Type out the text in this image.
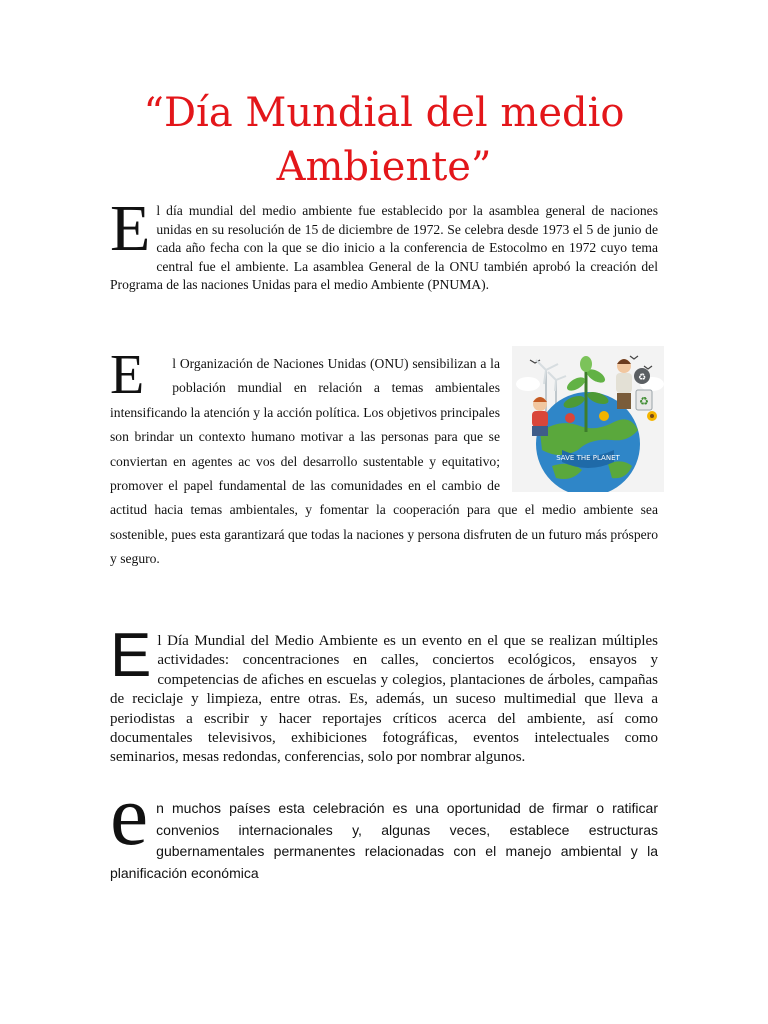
“Día Mundial del medio Ambiente”

El día mundial del medio ambiente fue establecido por la asamblea general de naciones unidas en su resolución de 15 de diciembre de 1972. Se celebra desde 1973 el 5 de junio de cada año fecha con la que se dio inicio a la conferencia de Estocolmo en 1972 cuyo tema central fue el ambiente. La asamblea General de la ONU también aprobó la creación del Programa de las naciones Unidas para el medio Ambiente (PNUMA).

SAVE THE PLANET
♻
♻
E l Organización de Naciones Unidas (ONU) sensibilizan a la población mundial en relación a temas ambientales intensificando la atención y la acción política. Los objetivos principales son brindar un contexto humano motivar a las personas para que se conviertan en agentes ac vos del desarrollo sustentable y equitativo; promover el papel fundamental de las comunidades en el cambio de actitud hacia temas ambientales, y fomentar la cooperación para que el medio ambiente sea sostenible, pues esta garantizará que todas la naciones y persona disfruten de un futuro más próspero y seguro.

El Día Mundial del Medio Ambiente es un evento en el que se realizan múltiples actividades: concentraciones en calles, conciertos ecológicos, ensayos y competencias de afiches en escuelas y colegios, plantaciones de árboles, campañas de reciclaje y limpieza, entre otras. Es, además, un suceso multimedial que lleva a periodistas a escribir y hacer reportajes críticos acerca del ambiente, así como documentales televisivos, exhibiciones fotográficas, eventos intelectuales como seminarios, mesas redondas, conferencias, solo por nombrar algunos.

en muchos países esta celebración es una oportunidad de firmar o ratificar convenios internacionales y, algunas veces, establece estructuras gubernamentales permanentes relacionadas con el manejo ambiental y la planificación económica
